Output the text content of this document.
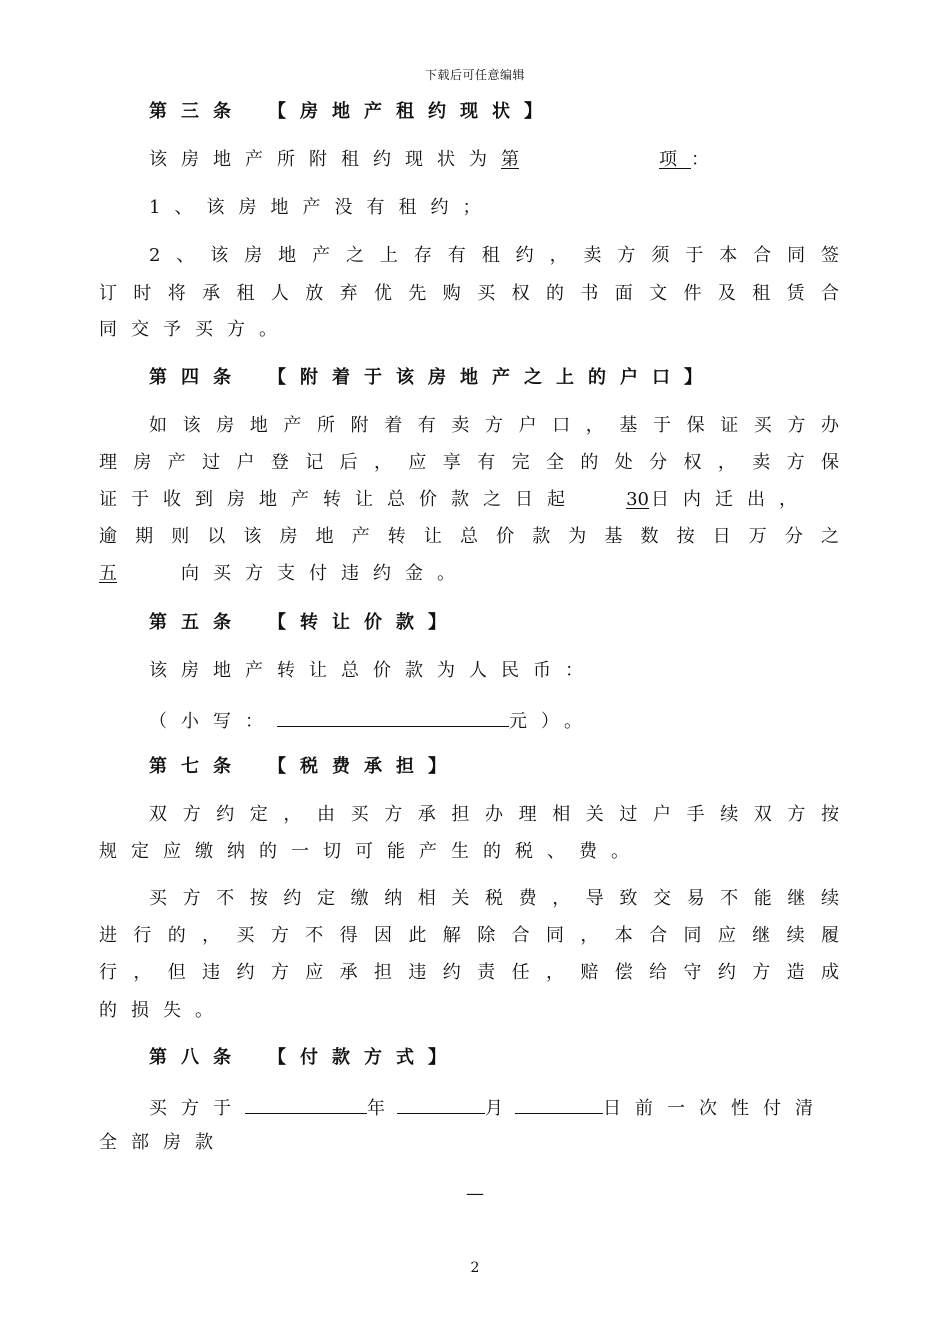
下载后可任意编辑
第三条　【房地产租约现状】
该房地产所附租约现状为第	项：
1、该房地产没有租约；
2、该房地产之上存有租约，卖方须于本合同签
订时将承租人放弃优先购买权的书面文件及租赁合
同交予买方。
第四条　【附着于该房地产之上的户口】
如该房地产所附着有卖方户口，基于保证买方办
理房产过户登记后，应享有完全的处分权，卖方保
证于收到房地产转让总价款之日起	30 日内迁出，
逾期则以该房地产转让总价款为基数按日万分之
五	向买方支付违约金。
第五条　【转让价款】
该房地产转让总价款为人民币：
（小写：	元）。
第七条　【税费承担】
双方约定，由买方承担办理相关过户手续双方按
规定应缴纳的一切可能产生的税、费。
买方不按约定缴纳相关税费，导致交易不能继续
进行的，买方不得因此解除合同，本合同应继续履
行，但违约方应承担违约责任，赔偿给守约方造成
的损失。
第八条　【付款方式】
买方于	年	月	日前一次性付清
全部房款
—
2
